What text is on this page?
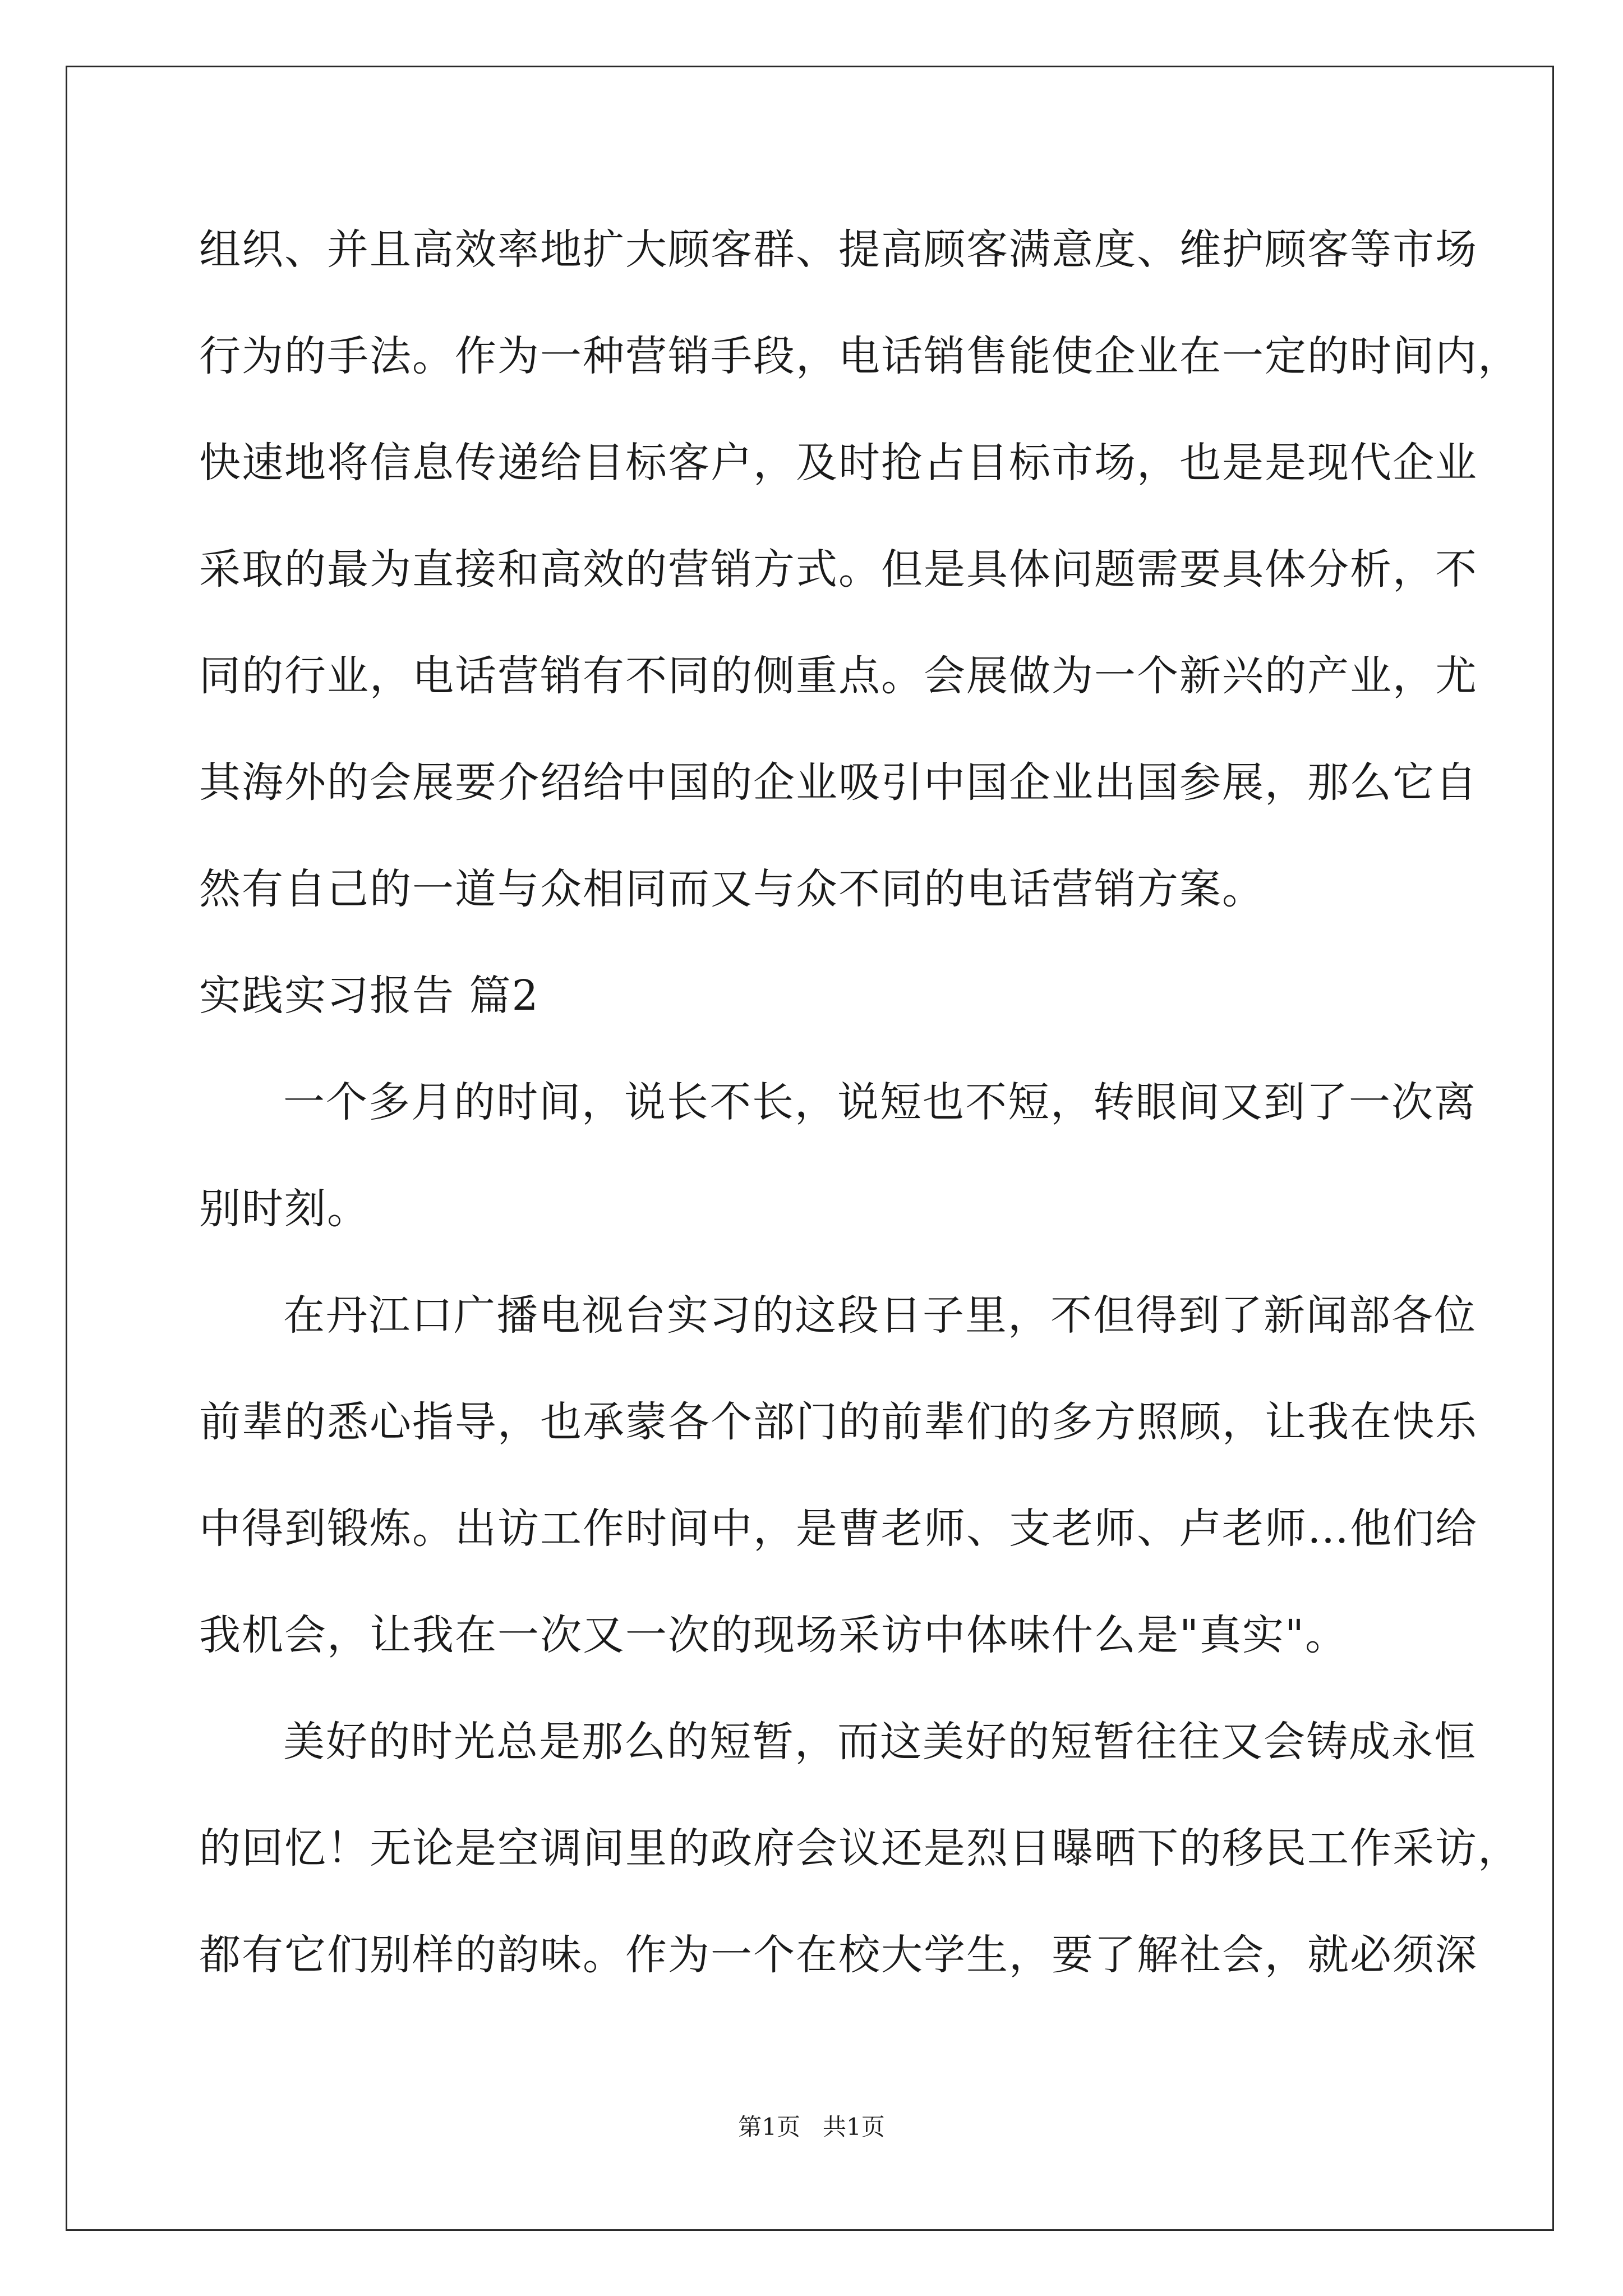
组织、并且高效率地扩大顾客群、提高顾客满意度、维护顾客等市场
行为的手法。作为一种营销手段，电话销售能使企业在一定的时间内，
快速地将信息传递给目标客户，及时抢占目标市场，也是是现代企业
采取的最为直接和高效的营销方式。但是具体问题需要具体分析，不
同的行业，电话营销有不同的侧重点。会展做为一个新兴的产业，尤
其海外的会展要介绍给中国的企业吸引中国企业出国参展，那么它自
然有自己的一道与众相同而又与众不同的电话营销方案。
实践实习报告 篇2
一个多月的时间，说长不长，说短也不短，转眼间又到了一次离
别时刻。
在丹江口广播电视台实习的这段日子里，不但得到了新闻部各位
前辈的悉心指导，也承蒙各个部门的前辈们的多方照顾，让我在快乐
中得到锻炼。出访工作时间中，是曹老师、支老师、卢老师…他们给
我机会，让我在一次又一次的现场采访中体味什么是"真实"。
美好的时光总是那么的短暂，而这美好的短暂往往又会铸成永恒
的回忆！无论是空调间里的政府会议还是烈日曝晒下的移民工作采访，
都有它们别样的韵味。作为一个在校大学生，要了解社会，就必须深
第1页   共1页
